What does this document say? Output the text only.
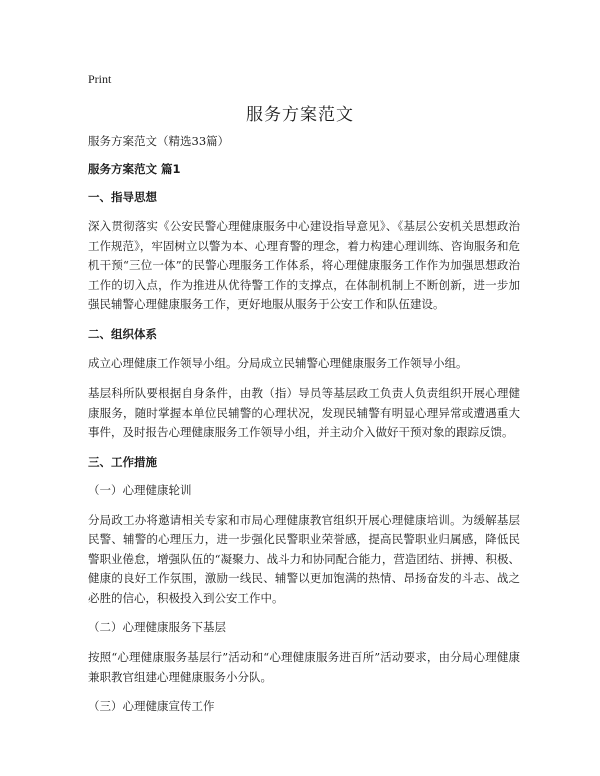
Print
服务方案范文

服务方案范文（精选33篇）

服务方案范文 篇1

一、指导思想

深入贯彻落实《公安民警心理健康服务中心建设指导意见》、《基层公安机关思想政治工作规范》，牢固树立以警为本、心理育警的理念，着力构建心理训练、咨询服务和危机干预“三位一体”的民警心理服务工作体系，将心理健康服务工作作为加强思想政治工作的切入点，作为推进从优待警工作的支撑点，在体制机制上不断创新，进一步加强民辅警心理健康服务工作，更好地服从服务于公安工作和队伍建设。

二、组织体系

成立心理健康工作领导小组。分局成立民辅警心理健康服务工作领导小组。

基层科所队要根据自身条件，由教（指）导员等基层政工负责人负责组织开展心理健康服务，随时掌握本单位民辅警的心理状况，发现民辅警有明显心理异常或遭遇重大事件，及时报告心理健康服务工作领导小组，并主动介入做好干预对象的跟踪反馈。

三、工作措施

（一）心理健康轮训

分局政工办将邀请相关专家和市局心理健康教官组织开展心理健康培训。为缓解基层民警、辅警的心理压力，进一步强化民警职业荣誉感，提高民警职业归属感，降低民警职业倦怠，增强队伍的“凝聚力、战斗力和协同配合能力，营造团结、拼搏、积极、健康的良好工作氛围，激励一线民、辅警以更加饱满的热情、昂扬奋发的斗志、战之必胜的信心，积极投入到公安工作中。

（二）心理健康服务下基层

按照“心理健康服务基层行”活动和“心理健康服务进百所”活动要求，由分局心理健康兼职教官组建心理健康服务小分队。

（三）心理健康宣传工作
